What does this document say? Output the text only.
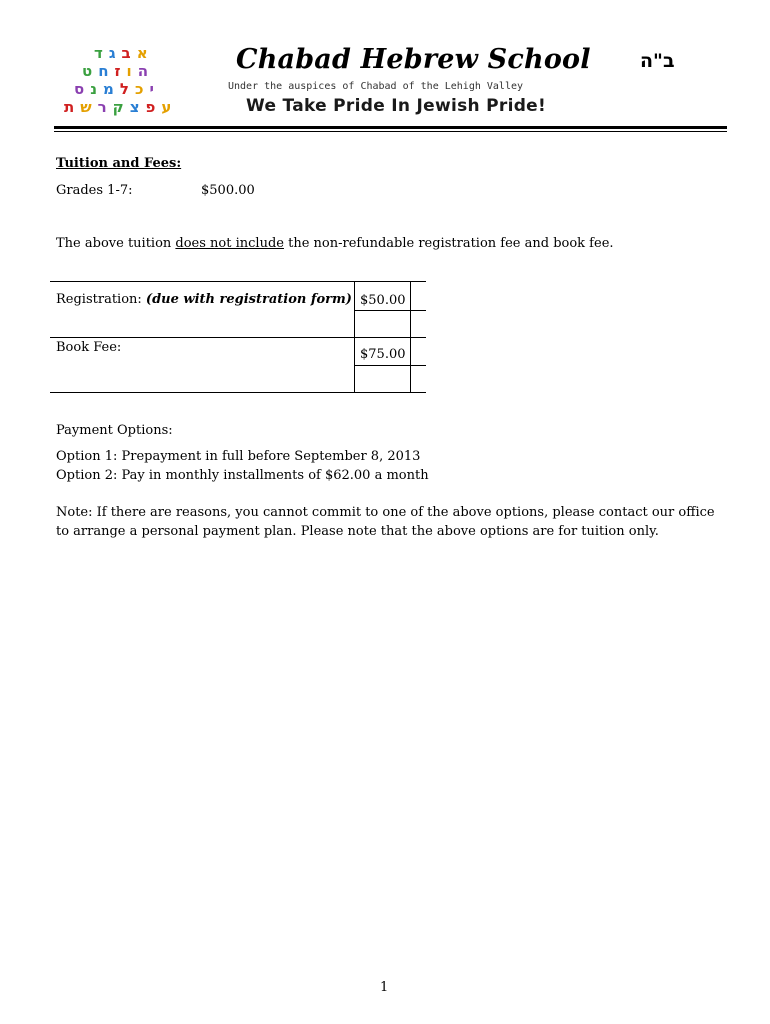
א
ב
ג
ד
ה
ו
ז
ח
ט
י
כ
ל
מ
נ
ס
ע
פ
צ
ק
ר
ש
ת
Chabad Hebrew School
Under the auspices of Chabad of the Lehigh Valley
We Take Pride In Jewish Pride!
ב"ה
Tuition and Fees:
Grades 1-7:	$500.00
The above tuition does not include the non-refundable registration fee and book fee.
Registration: (due with registration form) $50.00
Book Fee:	$75.00
Payment Options:
Option 1: Prepayment in full before September 8, 2013
Option 2: Pay in monthly installments of $62.00 a month
Note: If there are reasons, you cannot commit to one of the above options, please contact our office
to arrange a personal payment plan. Please note that the above options are for tuition only.
1
